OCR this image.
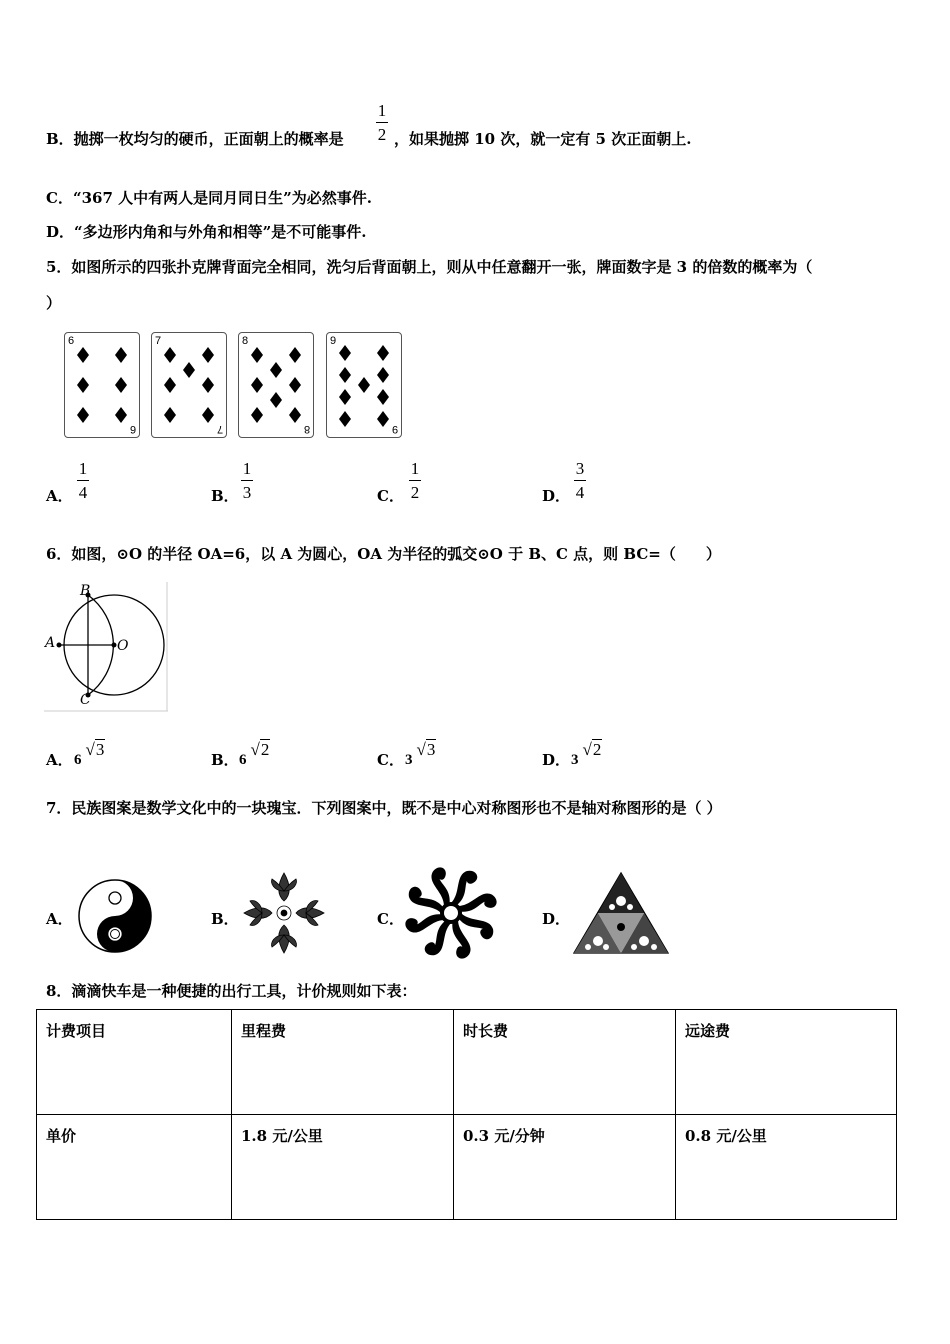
B．抛掷一枚均匀的硬币，正面朝上的概率是
1
2 ，如果抛掷 10 次，就一定有 5 次正面朝上.
C．“367 人中有两人是同月同日生”为必然事件.
D．“多边形内角和与外角和相等”是不可能事件.
5．如图所示的四张扑克牌背面完全相同，洗匀后背面朝上，则从中任意翻开一张，牌面数字是 3 的倍数的概率为（
）
6
6
7
7
8
8
9
9
A．
1
4	B．
1
3	C．
1
2	D．
3
4
6．如图，⊙O 的半径 OA=6，以 A 为圆心，OA 为半径的弧交⊙O 于 B、C 点，则 BC=（　　）
B
A	O
C
A． 6√3
B． 6√2
C． 3√3
D． 3√2
7．民族图案是数学文化中的一块瑰宝．下列图案中，既不是中心对称图形也不是轴对称图形的是（ ）
A．	B．	C．	D．
8．滴滴快车是一种便捷的出行工具，计价规则如下表：
计费项目	里程费	时长费	远途费
单价	1.8 元/公里	0.3 元/分钟	0.8 元/公里
